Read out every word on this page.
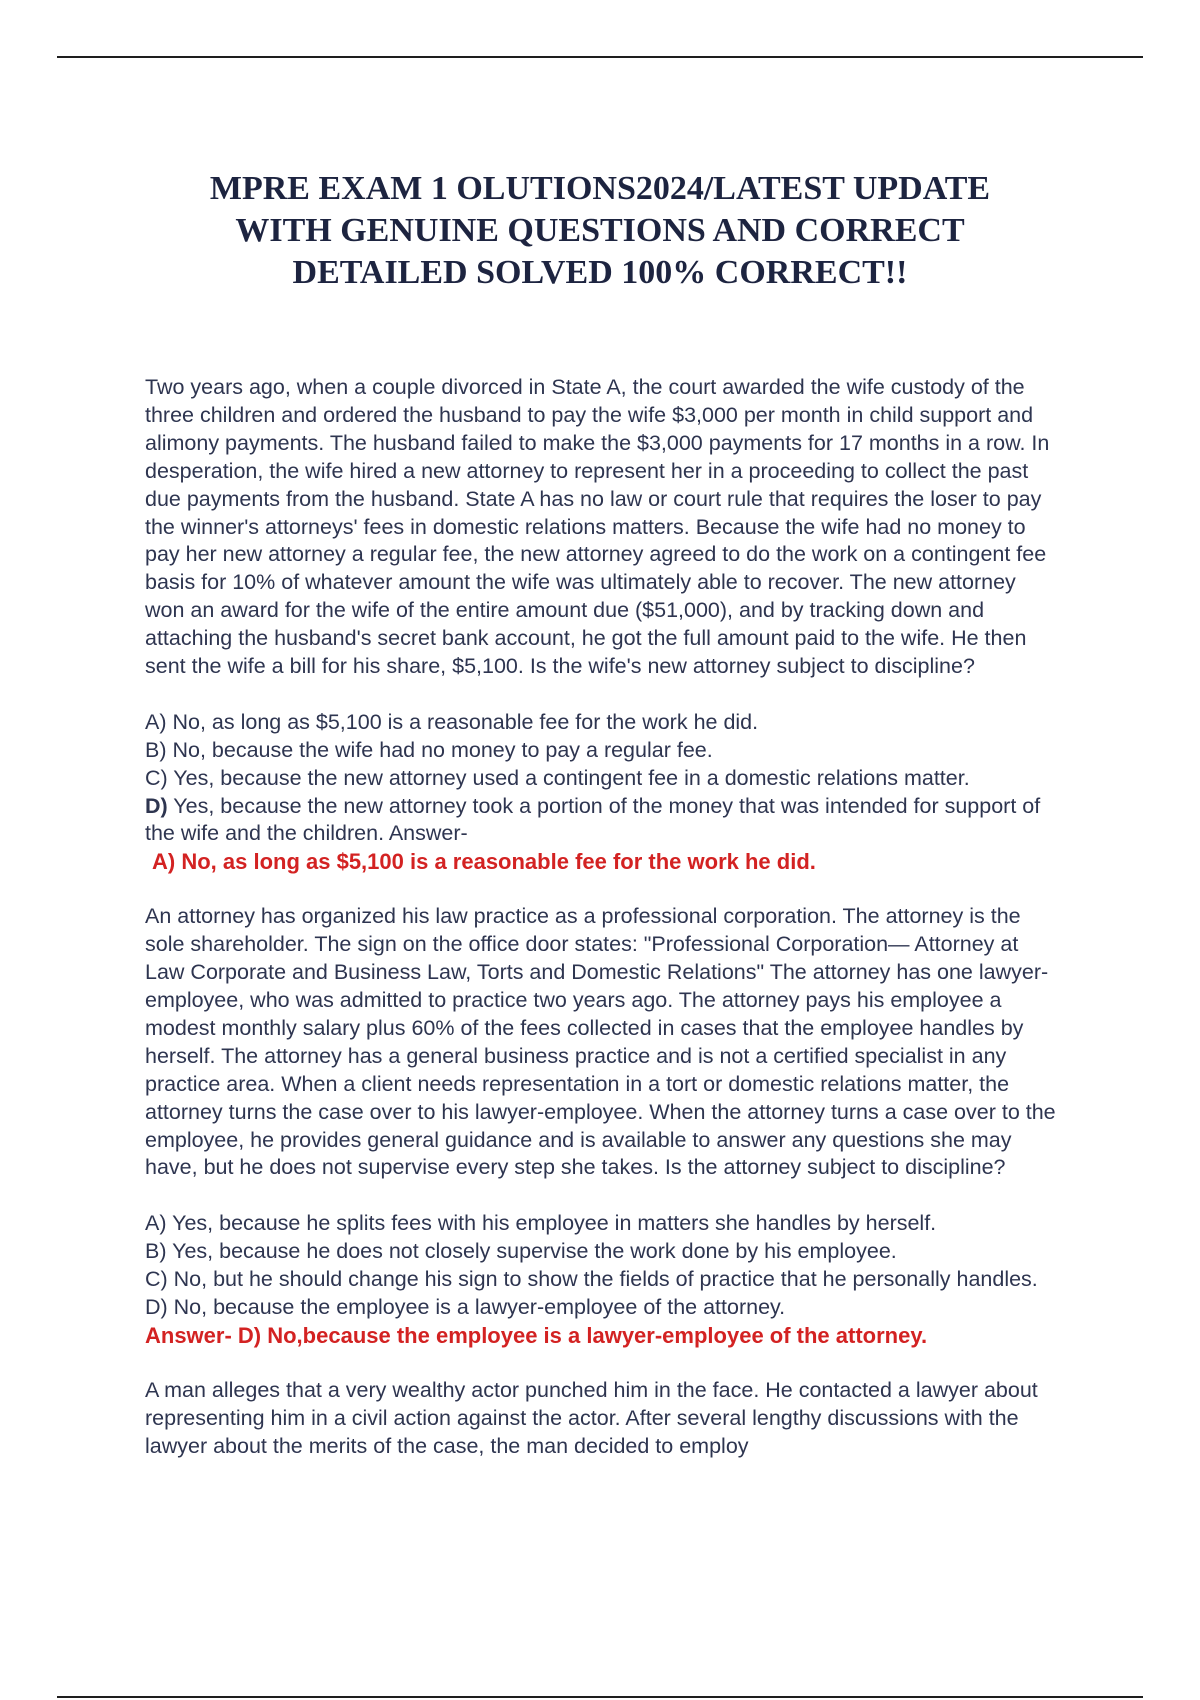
MPRE EXAM 1 OLUTIONS2024/LATEST UPDATE
WITH GENUINE QUESTIONS AND CORRECT
DETAILED SOLVED 100% CORRECT!!

Two years ago, when a couple divorced in State A, the court awarded the wife custody of the three children and ordered the husband to pay the wife $3,000 per month in child support and alimony payments. The husband failed to make the $3,000 payments for 17 months in a row. In desperation, the wife hired a new attorney to represent her in a proceeding to collect the past due payments from the husband. State A has no law or court rule that requires the loser to pay the winner's attorneys' fees in domestic relations matters. Because the wife had no money to pay her new attorney a regular fee, the new attorney agreed to do the work on a contingent fee basis for 10% of whatever amount the wife was ultimately able to recover. The new attorney won an award for the wife of the entire amount due ($51,000), and by tracking down and attaching the husband's secret bank account, he got the full amount paid to the wife. He then sent the wife a bill for his share, $5,100. Is the wife's new attorney subject to discipline?

A) No, as long as $5,100 is a reasonable fee for the work he did.

B) No, because the wife had no money to pay a regular fee.

C) Yes, because the new attorney used a contingent fee in a domestic relations matter.

D) Yes, because the new attorney took a portion of the money that was intended for support of the wife and the children. Answer-

A) No, as long as $5,100 is a reasonable fee for the work he did.

An attorney has organized his law practice as a professional corporation. The attorney is the sole shareholder. The sign on the office door states: "Professional Corporation— Attorney at Law Corporate and Business Law, Torts and Domestic Relations" The attorney has one lawyer-employee, who was admitted to practice two years ago. The attorney pays his employee a modest monthly salary plus 60% of the fees collected in cases that the employee handles by herself. The attorney has a general business practice and is not a certified specialist in any practice area. When a client needs representation in a tort or domestic relations matter, the attorney turns the case over to his lawyer-employee. When the attorney turns a case over to the employee, he provides general guidance and is available to answer any questions she may have, but he does not supervise every step she takes. Is the attorney subject to discipline?

A) Yes, because he splits fees with his employee in matters she handles by herself.

B) Yes, because he does not closely supervise the work done by his employee.

C) No, but he should change his sign to show the fields of practice that he personally handles.

D) No, because the employee is a lawyer-employee of the attorney.

Answer- D) No,because the employee is a lawyer-employee of the attorney.

A man alleges that a very wealthy actor punched him in the face. He contacted a lawyer about representing him in a civil action against the actor. After several lengthy discussions with the lawyer about the merits of the case, the man decided to employ
